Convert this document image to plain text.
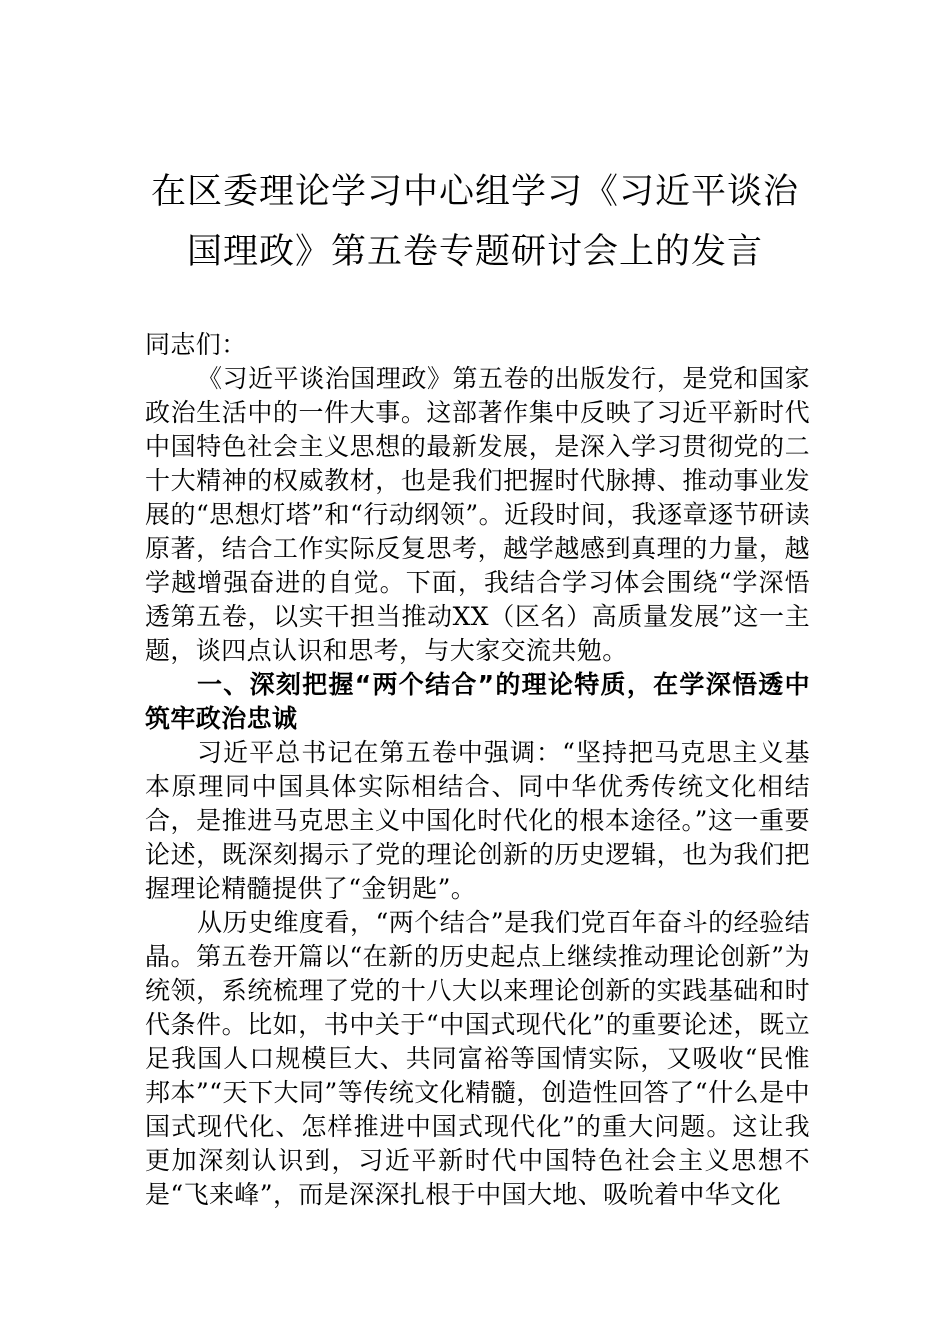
在区委理论学习中心组学习《习近平谈治
国理政》第五卷专题研讨会上的发言

同志们：

《习近平谈治国理政》第五卷的出版发行，是党和国家政治生活中的一件大事。这部著作集中反映了习近平新时代中国特色社会主义思想的最新发展，是深入学习贯彻党的二十大精神的权威教材，也是我们把握时代脉搏、推动事业发展的“思想灯塔”和“行动纲领”。近段时间，我逐章逐节研读原著，结合工作实际反复思考，越学越感到真理的力量，越学越增强奋进的自觉。下面，我结合学习体会围绕“学深悟透第五卷，以实干担当推动XX（区名）高质量发展”这一主题，谈四点认识和思考，与大家交流共勉。

一、深刻把握“两个结合”的理论特质，在学深悟透中筑牢政治忠诚

习近平总书记在第五卷中强调：“坚持把马克思主义基本原理同中国具体实际相结合、同中华优秀传统文化相结合，是推进马克思主义中国化时代化的根本途径。”这一重要论述，既深刻揭示了党的理论创新的历史逻辑，也为我们把握理论精髓提供了“金钥匙”。

从历史维度看，“两个结合”是我们党百年奋斗的经验结晶。第五卷开篇以“在新的历史起点上继续推动理论创新”为统领，系统梳理了党的十八大以来理论创新的实践基础和时代条件。比如，书中关于“中国式现代化”的重要论述，既立足我国人口规模巨大、共同富裕等国情实际，又吸收“民惟邦本”“天下大同”等传统文化精髓，创造性回答了“什么是中国式现代化、怎样推进中国式现代化”的重大问题。这让我更加深刻认识到，习近平新时代中国特色社会主义思想不是“飞来峰”，而是深深扎根于中国大地、吸吮着中华文化
